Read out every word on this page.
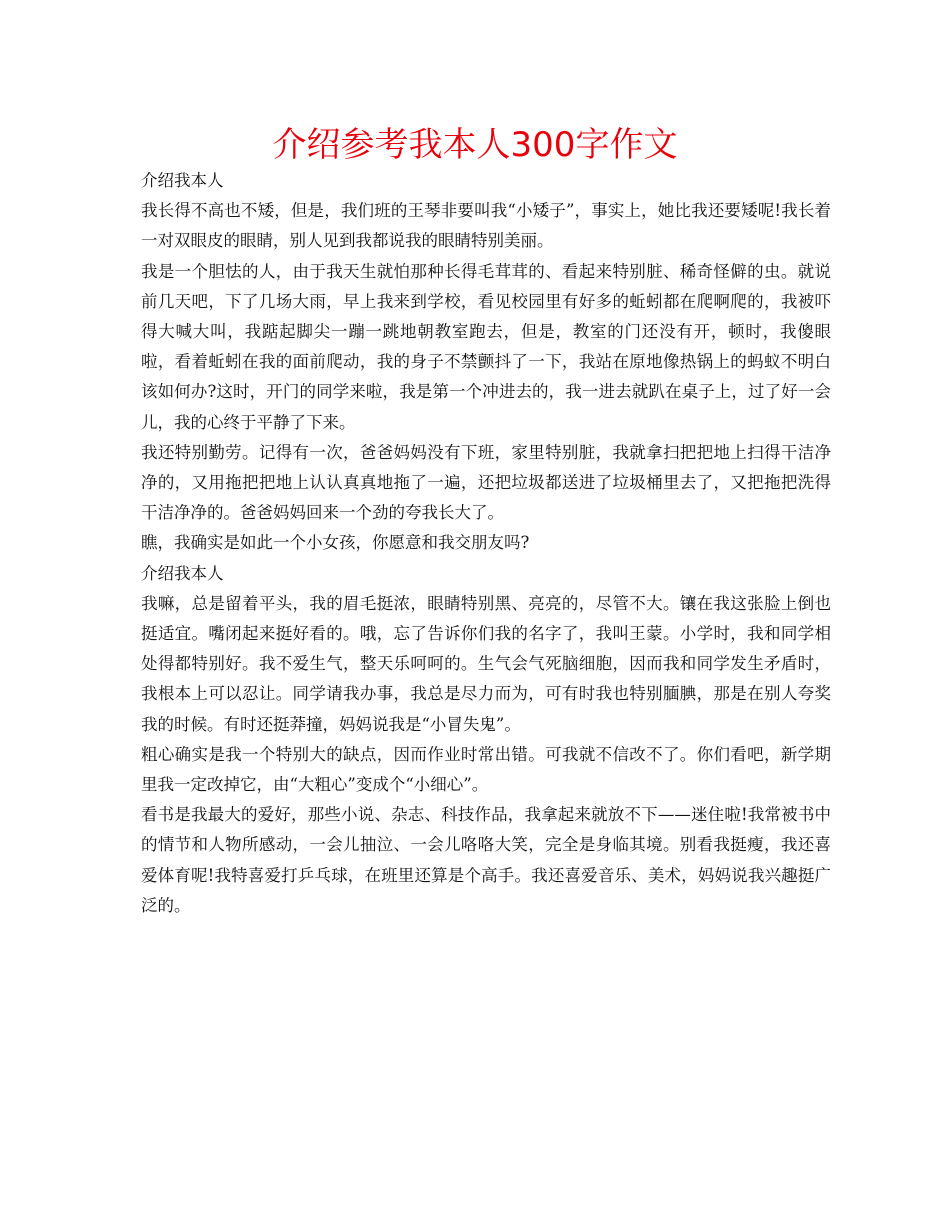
介绍参考我本人300字作文

介绍我本人

我长得不高也不矮，但是，我们班的王琴非要叫我“小矮子”，事实上，她比我还要矮呢!我长着一对双眼皮的眼睛，别人见到我都说我的眼睛特别美丽。

我是一个胆怯的人，由于我天生就怕那种长得毛茸茸的、看起来特别脏、稀奇怪僻的虫。就说前几天吧，下了几场大雨，早上我来到学校，看见校园里有好多的蚯蚓都在爬啊爬的，我被吓得大喊大叫，我踮起脚尖一蹦一跳地朝教室跑去，但是，教室的门还没有开，顿时，我傻眼啦，看着蚯蚓在我的面前爬动，我的身子不禁颤抖了一下，我站在原地像热锅上的蚂蚁不明白该如何办?这时，开门的同学来啦，我是第一个冲进去的，我一进去就趴在桌子上，过了好一会儿，我的心终于平静了下来。

我还特别勤劳。记得有一次，爸爸妈妈没有下班，家里特别脏，我就拿扫把把地上扫得干洁净净的，又用拖把把地上认认真真地拖了一遍，还把垃圾都送进了垃圾桶里去了，又把拖把洗得干洁净净的。爸爸妈妈回来一个劲的夸我长大了。

瞧，我确实是如此一个小女孩，你愿意和我交朋友吗?

介绍我本人

我嘛，总是留着平头，我的眉毛挺浓，眼睛特别黑、亮亮的，尽管不大。镶在我这张脸上倒也挺适宜。嘴闭起来挺好看的。哦，忘了告诉你们我的名字了，我叫王蒙。小学时，我和同学相处得都特别好。我不爱生气，整天乐呵呵的。生气会气死脑细胞，因而我和同学发生矛盾时，我根本上可以忍让。同学请我办事，我总是尽力而为，可有时我也特别腼腆，那是在别人夸奖我的时候。有时还挺莽撞，妈妈说我是“小冒失鬼”。

粗心确实是我一个特别大的缺点，因而作业时常出错。可我就不信改不了。你们看吧，新学期里我一定改掉它，由“大粗心”变成个“小细心”。

看书是我最大的爱好，那些小说、杂志、科技作品，我拿起来就放不下——迷住啦!我常被书中的情节和人物所感动，一会儿抽泣、一会儿咯咯大笑，完全是身临其境。别看我挺瘦，我还喜爱体育呢!我特喜爱打乒乓球，在班里还算是个高手。我还喜爱音乐、美术，妈妈说我兴趣挺广泛的。
